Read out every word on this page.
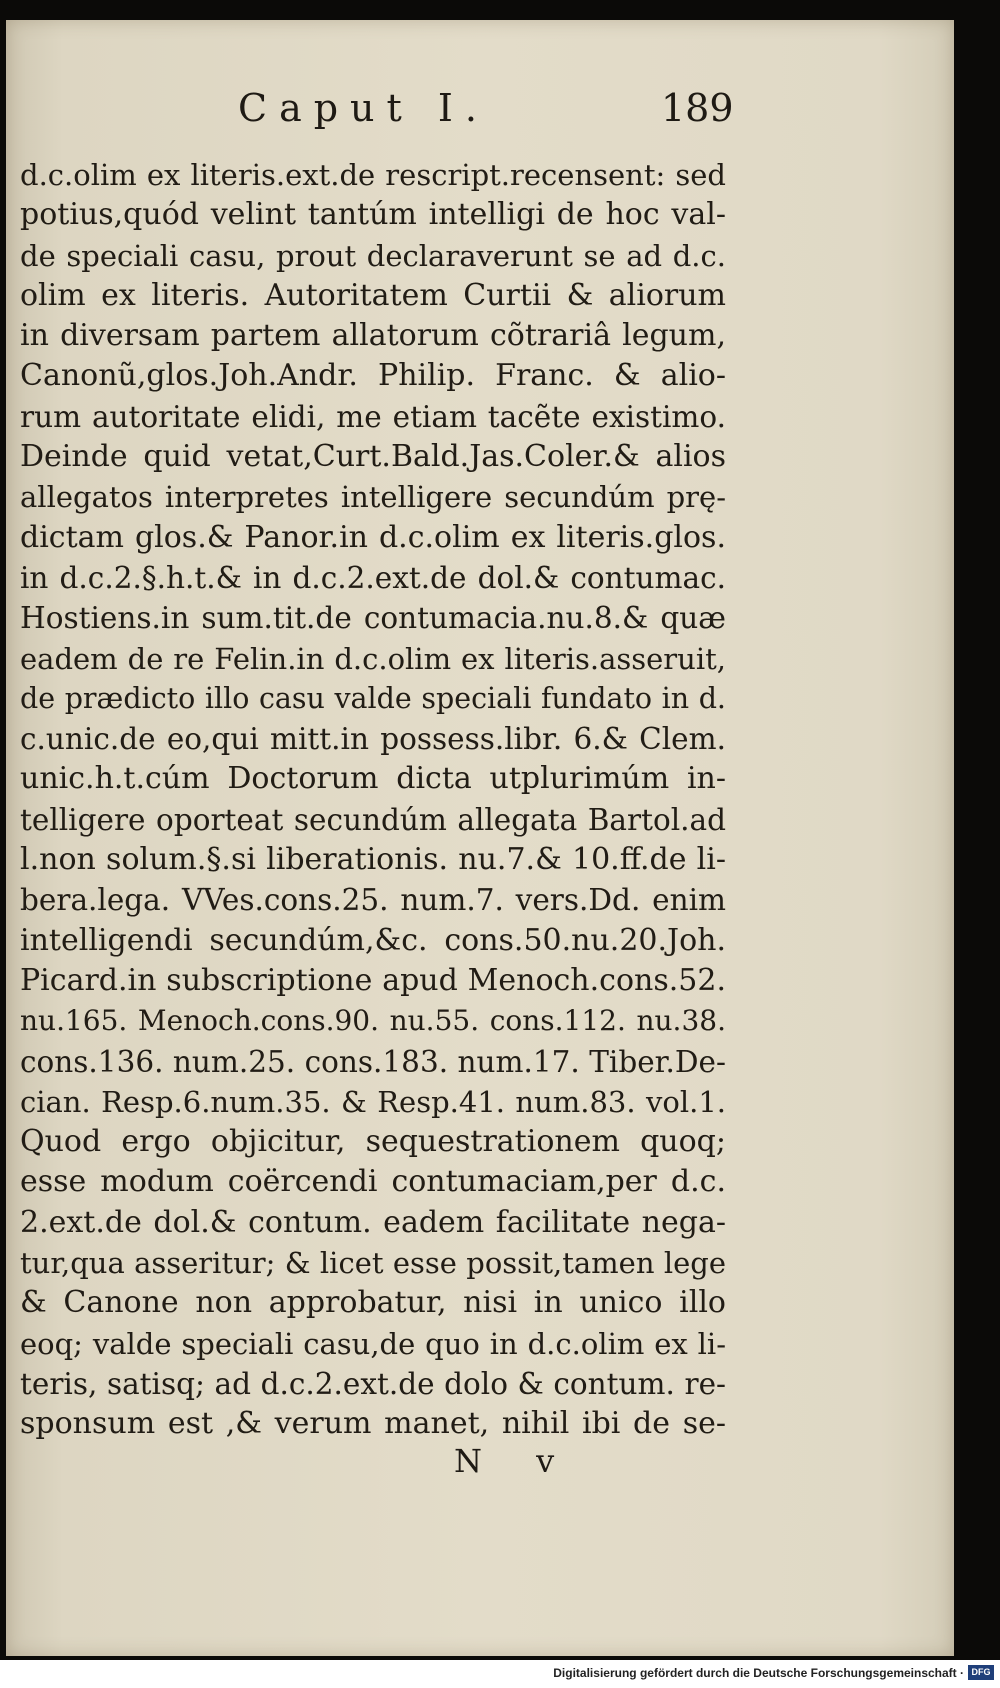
Caput I.	189
d.c.olim ex literis.ext.de rescript.recensent: sed
potius,quód velint tantúm intelligi de hoc val-
de speciali casu, prout declaraverunt se ad d.c.
olim ex literis. Autoritatem Curtii & aliorum
in diversam partem allatorum cõtrariâ legum,
Canonũ,glos.Joh.Andr. Philip. Franc. & alio-
rum autoritate elidi, me etiam tacẽte existimo.
Deinde quid vetat,Curt.Bald.Jas.Coler.& alios
allegatos interpretes intelligere secundúm prę-
dictam glos.& Panor.in d.c.olim ex literis.glos.
in d.c.2.§.h.t.& in d.c.2.ext.de dol.& contumac.
Hostiens.in sum.tit.de contumacia.nu.8.& quæ
eadem de re Felin.in d.c.olim ex literis.asseruit,
de prædicto illo casu valde speciali fundato in d.
c.unic.de eo,qui mitt.in possess.libr. 6.& Clem.
unic.h.t.cúm Doctorum dicta utplurimúm in-
telligere oporteat secundúm allegata Bartol.ad
l.non solum.§.si liberationis. nu.7.& 10.ff.de li-
bera.lega. VVes.cons.25. num.7. vers.Dd. enim
intelligendi secundúm,&c. cons.50.nu.20.Joh.
Picard.in subscriptione apud Menoch.cons.52.
nu.165. Menoch.cons.90. nu.55. cons.112. nu.38.
cons.136. num.25. cons.183. num.17. Tiber.De-
cian. Resp.6.num.35. & Resp.41. num.83. vol.1.
Quod ergo objicitur, sequestrationem quoq;
esse modum coërcendi contumaciam,per d.c.
2.ext.de dol.& contum. eadem facilitate nega-
tur,qua asseritur; & licet esse possit,tamen lege
& Canone non approbatur, nisi in unico illo
eoq; valde speciali casu,de quo in d.c.olim ex li-
teris, satisq; ad d.c.2.ext.de dolo & contum. re-
sponsum est ,& verum manet, nihil ibi de se-
N v
Digitalisierung gefördert durch die Deutsche Forschungsgemeinschaft · DFG
